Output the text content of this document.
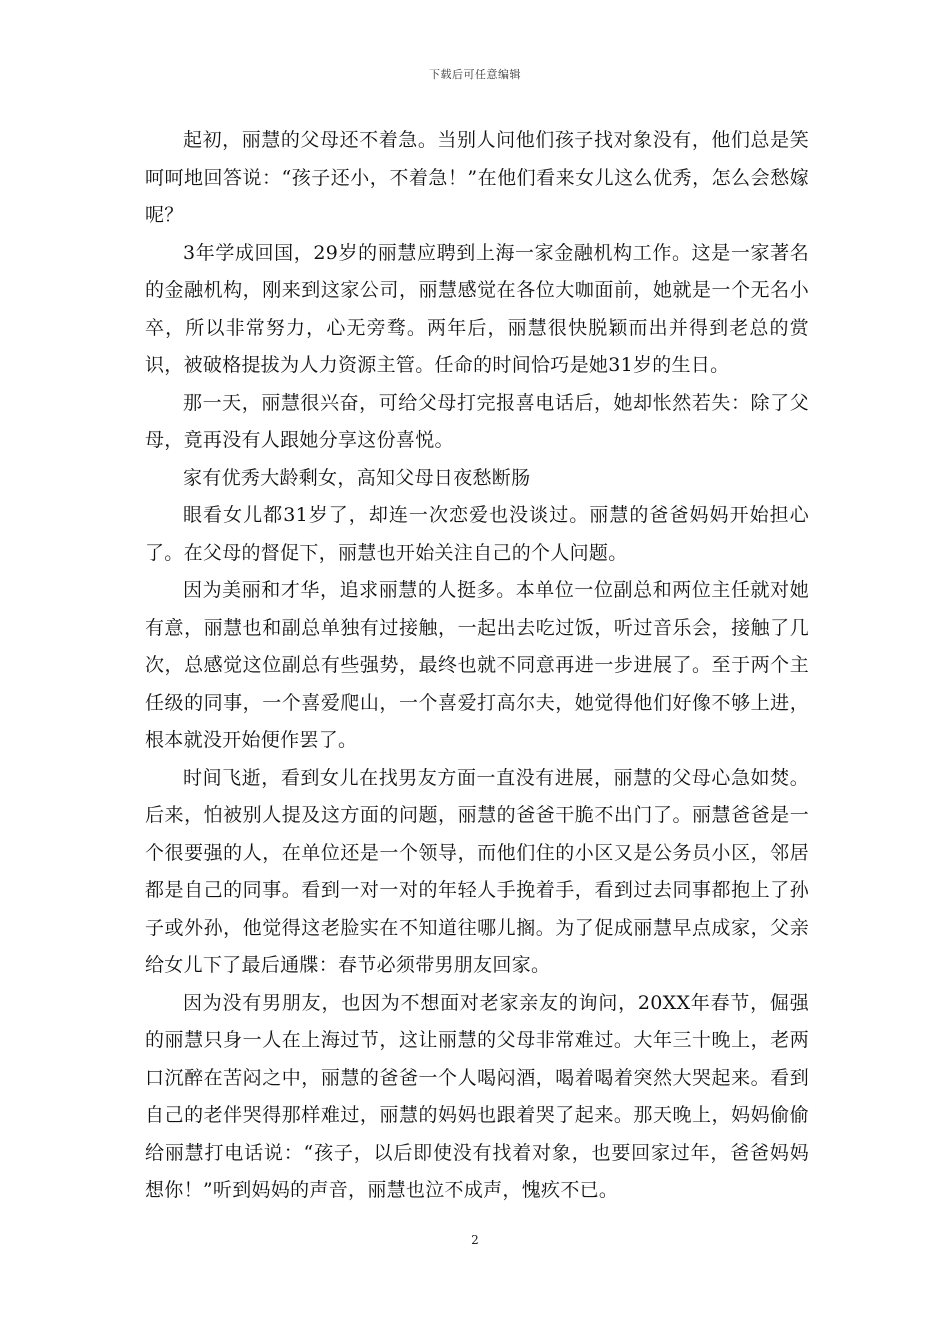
下载后可任意编辑

起初，丽慧的父母还不着急。当别人问他们孩子找对象没有，他们总是笑呵呵地回答说：“孩子还小，不着急！”在他们看来女儿这么优秀，怎么会愁嫁呢？

3年学成回国，29岁的丽慧应聘到上海一家金融机构工作。这是一家著名的金融机构，刚来到这家公司，丽慧感觉在各位大咖面前，她就是一个无名小卒，所以非常努力，心无旁骛。两年后，丽慧很快脱颖而出并得到老总的赏识，被破格提拔为人力资源主管。任命的时间恰巧是她31岁的生日。

那一天，丽慧很兴奋，可给父母打完报喜电话后，她却怅然若失：除了父母，竟再没有人跟她分享这份喜悦。

家有优秀大龄剩女，高知父母日夜愁断肠

眼看女儿都31岁了，却连一次恋爱也没谈过。丽慧的爸爸妈妈开始担心了。在父母的督促下，丽慧也开始关注自己的个人问题。

因为美丽和才华，追求丽慧的人挺多。本单位一位副总和两位主任就对她有意，丽慧也和副总单独有过接触，一起出去吃过饭，听过音乐会，接触了几次，总感觉这位副总有些强势，最终也就不同意再进一步进展了。至于两个主任级的同事，一个喜爱爬山，一个喜爱打高尔夫，她觉得他们好像不够上进，根本就没开始便作罢了。

时间飞逝，看到女儿在找男友方面一直没有进展，丽慧的父母心急如焚。后来，怕被别人提及这方面的问题，丽慧的爸爸干脆不出门了。丽慧爸爸是一个很要强的人，在单位还是一个领导，而他们住的小区又是公务员小区，邻居都是自己的同事。看到一对一对的年轻人手挽着手，看到过去同事都抱上了孙子或外孙，他觉得这老脸实在不知道往哪儿搁。为了促成丽慧早点成家，父亲给女儿下了最后通牒：春节必须带男朋友回家。

因为没有男朋友，也因为不想面对老家亲友的询问，20XX年春节，倔强的丽慧只身一人在上海过节，这让丽慧的父母非常难过。大年三十晚上，老两口沉醉在苦闷之中，丽慧的爸爸一个人喝闷酒，喝着喝着突然大哭起来。看到自己的老伴哭得那样难过，丽慧的妈妈也跟着哭了起来。那天晚上，妈妈偷偷给丽慧打电话说：“孩子，以后即使没有找着对象，也要回家过年，爸爸妈妈想你！”听到妈妈的声音，丽慧也泣不成声，愧疚不已。

2
